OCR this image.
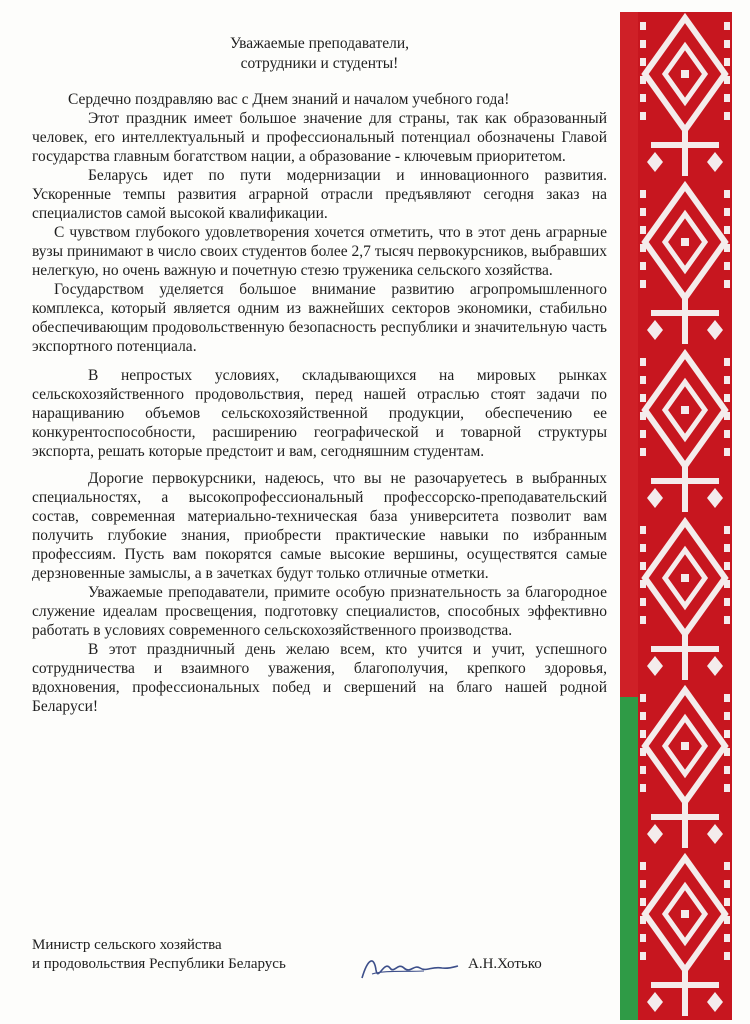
Уважаемые преподаватели,
сотрудники и студенты!

Сердечно поздравляю вас с Днем знаний и началом учебного года!

Этот праздник имеет большое значение для страны, так как образованный человек, его интеллектуальный и профессиональный потенциал обозначены Главой государства главным богатством нации, а образование - ключевым приоритетом.

Беларусь идет по пути модернизации и инновационного развития. Ускоренные темпы развития аграрной отрасли предъявляют сегодня заказ на специалистов самой высокой квалификации.

С чувством глубокого удовлетворения хочется отметить, что в этот день аграрные вузы принимают в число своих студентов более 2,7 тысяч первокурсников, выбравших нелегкую, но очень важную и почетную стезю труженика сельского хозяйства.

Государством уделяется большое внимание развитию агропромышленного комплекса, который является одним из важнейших секторов экономики, стабильно обеспечивающим продовольственную безопасность республики и значительную часть экспортного потенциала.

В непростых условиях, складывающихся на мировых рынках сельскохозяйственного продовольствия, перед нашей отраслью стоят задачи по наращиванию объемов сельскохозяйственной продукции, обеспечению ее конкурентоспособности, расширению географической и товарной структуры экспорта, решать которые предстоит и вам, сегодняшним студентам.

Дорогие первокурсники, надеюсь, что вы не разочаруетесь в выбранных специальностях, а высокопрофессиональный профессорско-преподавательский состав, современная материально-техническая база университета позволит вам получить глубокие знания, приобрести практические навыки по избранным профессиям. Пусть вам покорятся самые высокие вершины, осуществятся самые дерзновенные замыслы, а в зачетках будут только отличные отметки.

Уважаемые преподаватели, примите особую признательность за благородное служение идеалам просвещения, подготовку специалистов, способных эффективно работать в условиях современного сельскохозяйственного производства.

В этот праздничный день желаю всем, кто учится и учит, успешного сотрудничества и взаимного уважения, благополучия, крепкого здоровья, вдохновения, профессиональных побед и свершений на благо нашей родной Беларуси!

Министр сельского хозяйства
и продовольствия Республики Беларусь	А.Н.Хотько
